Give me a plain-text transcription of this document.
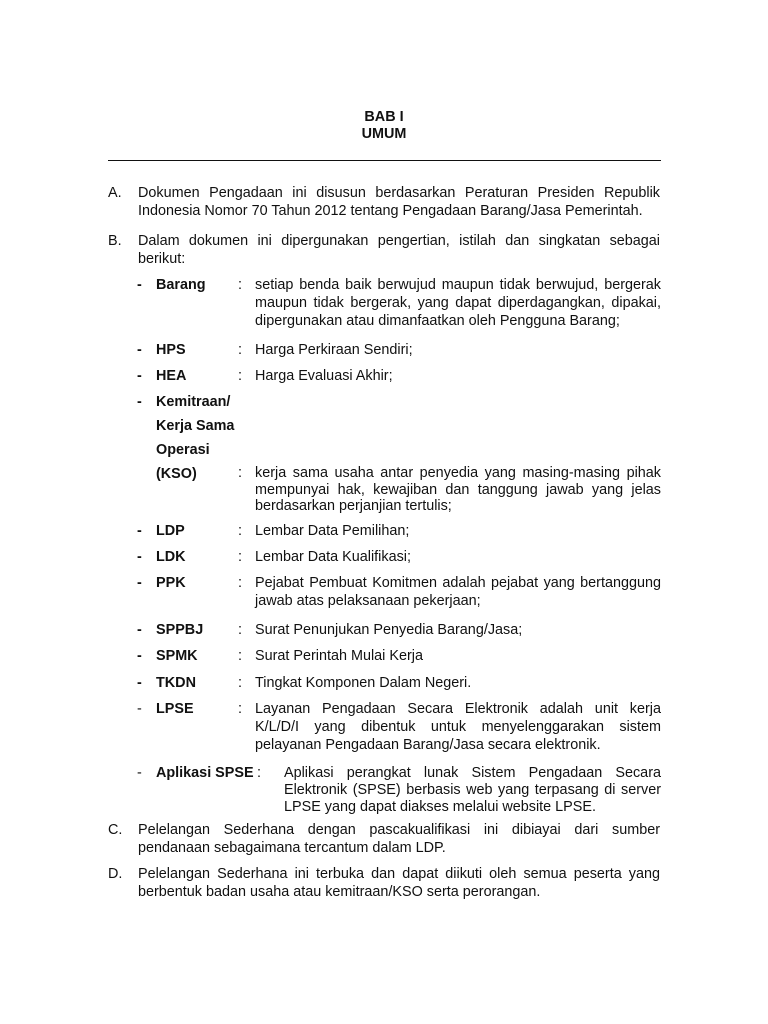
BAB I
UMUM
A. Dokumen Pengadaan ini disusun berdasarkan Peraturan Presiden Republik Indonesia Nomor 70 Tahun 2012 tentang Pengadaan Barang/Jasa Pemerintah.
B. Dalam dokumen ini dipergunakan pengertian, istilah dan singkatan sebagai berikut:
- Barang : setiap benda baik berwujud maupun tidak berwujud, bergerak maupun tidak bergerak, yang dapat diperdagangkan, dipakai, dipergunakan atau dimanfaatkan oleh Pengguna Barang;
- HPS	: Harga Perkiraan Sendiri;
- HEA	: Harga Evaluasi Akhir;
- Kemitraan/
Kerja Sama
Operasi
(KSO)	: kerja sama usaha antar penyedia yang masing-masing pihak mempunyai hak, kewajiban dan tanggung jawab yang jelas berdasarkan perjanjian tertulis;
- LDP	: Lembar Data Pemilihan;
- LDK	: Lembar Data Kualifikasi;
- PPK	: Pejabat Pembuat Komitmen adalah pejabat yang bertanggung jawab atas pelaksanaan pekerjaan;
- SPPBJ : Surat Penunjukan Penyedia Barang/Jasa;
- SPMK	: Surat Perintah Mulai Kerja
- TKDN	: Tingkat Komponen Dalam Negeri.
- LPSE	: Layanan Pengadaan Secara Elektronik adalah unit kerja K/L/D/I yang dibentuk untuk menyelenggarakan sistem pelayanan Pengadaan Barang/Jasa secara elektronik.
- Aplikasi SPSE : Aplikasi perangkat lunak Sistem Pengadaan Secara Elektronik (SPSE) berbasis web yang terpasang di server LPSE yang dapat diakses melalui website LPSE.
C. Pelelangan Sederhana dengan pascakualifikasi ini dibiayai dari sumber pendanaan sebagaimana tercantum dalam LDP.
D. Pelelangan Sederhana ini terbuka dan dapat diikuti oleh semua peserta yang berbentuk badan usaha atau kemitraan/KSO serta perorangan.
